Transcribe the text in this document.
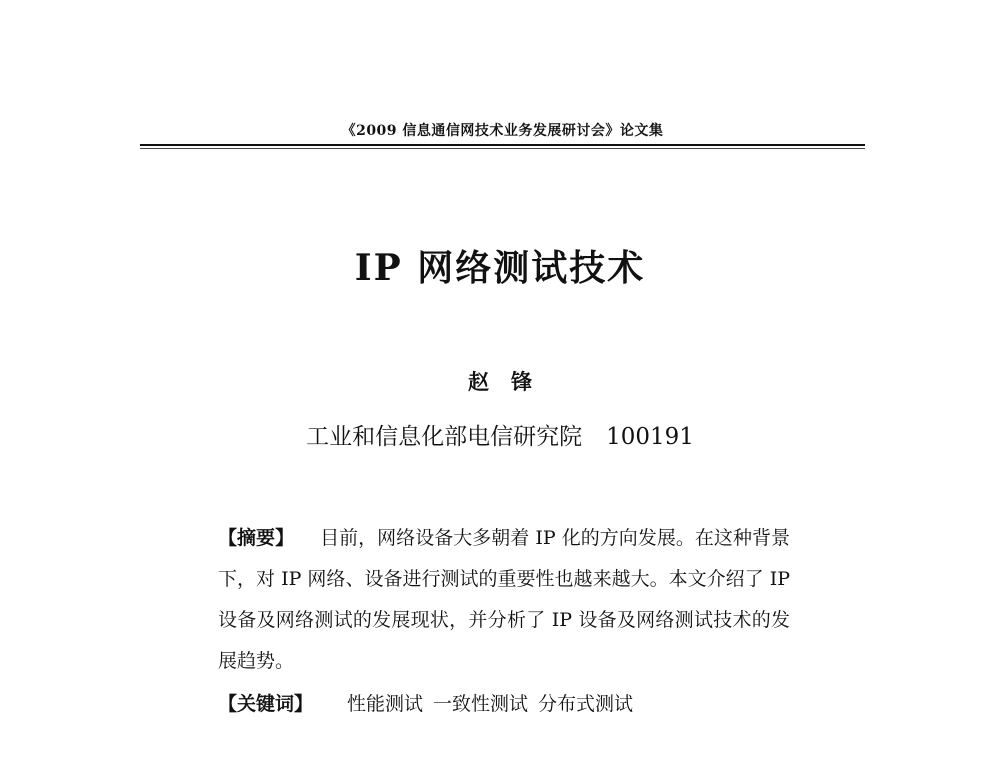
《2009 信息通信网技术业务发展研讨会》论文集
IP 网络测试技术
赵锋
工业和信息化部电信研究院 100191
【摘要】 目前，网络设备大多朝着 IP 化的方向发展。在这种背景下，对 IP 网络、设备进行测试的重要性也越来越大。本文介绍了 IP 设备及网络测试的发展现状，并分析了 IP 设备及网络测试技术的发展趋势。
【关键词】 性能测试 一致性测试 分布式测试
